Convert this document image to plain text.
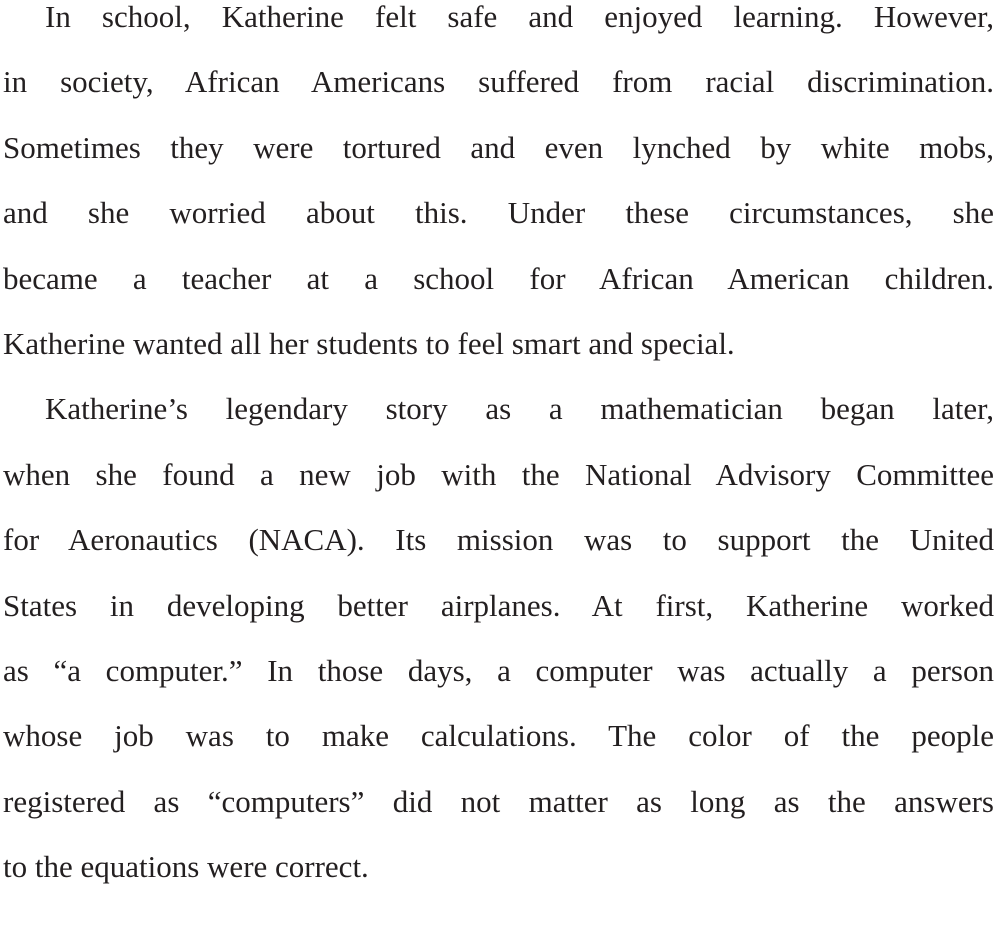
In school, Katherine felt safe and enjoyed learning. However,
in society, African Americans suffered from racial discrimination.
Sometimes they were tortured and even lynched by white mobs,
and she worried about this. Under these circumstances, she
became a teacher at a school for African American children.
Katherine wanted all her students to feel smart and special.
Katherine’s legendary story as a mathematician began later,
when she found a new job with the National Advisory Committee
for Aeronautics (NACA). Its mission was to support the United
States in developing better airplanes. At first, Katherine worked
as “a computer.” In those days, a computer was actually a person
whose job was to make calculations. The color of the people
registered as “computers” did not matter as long as the answers
to the equations were correct.
